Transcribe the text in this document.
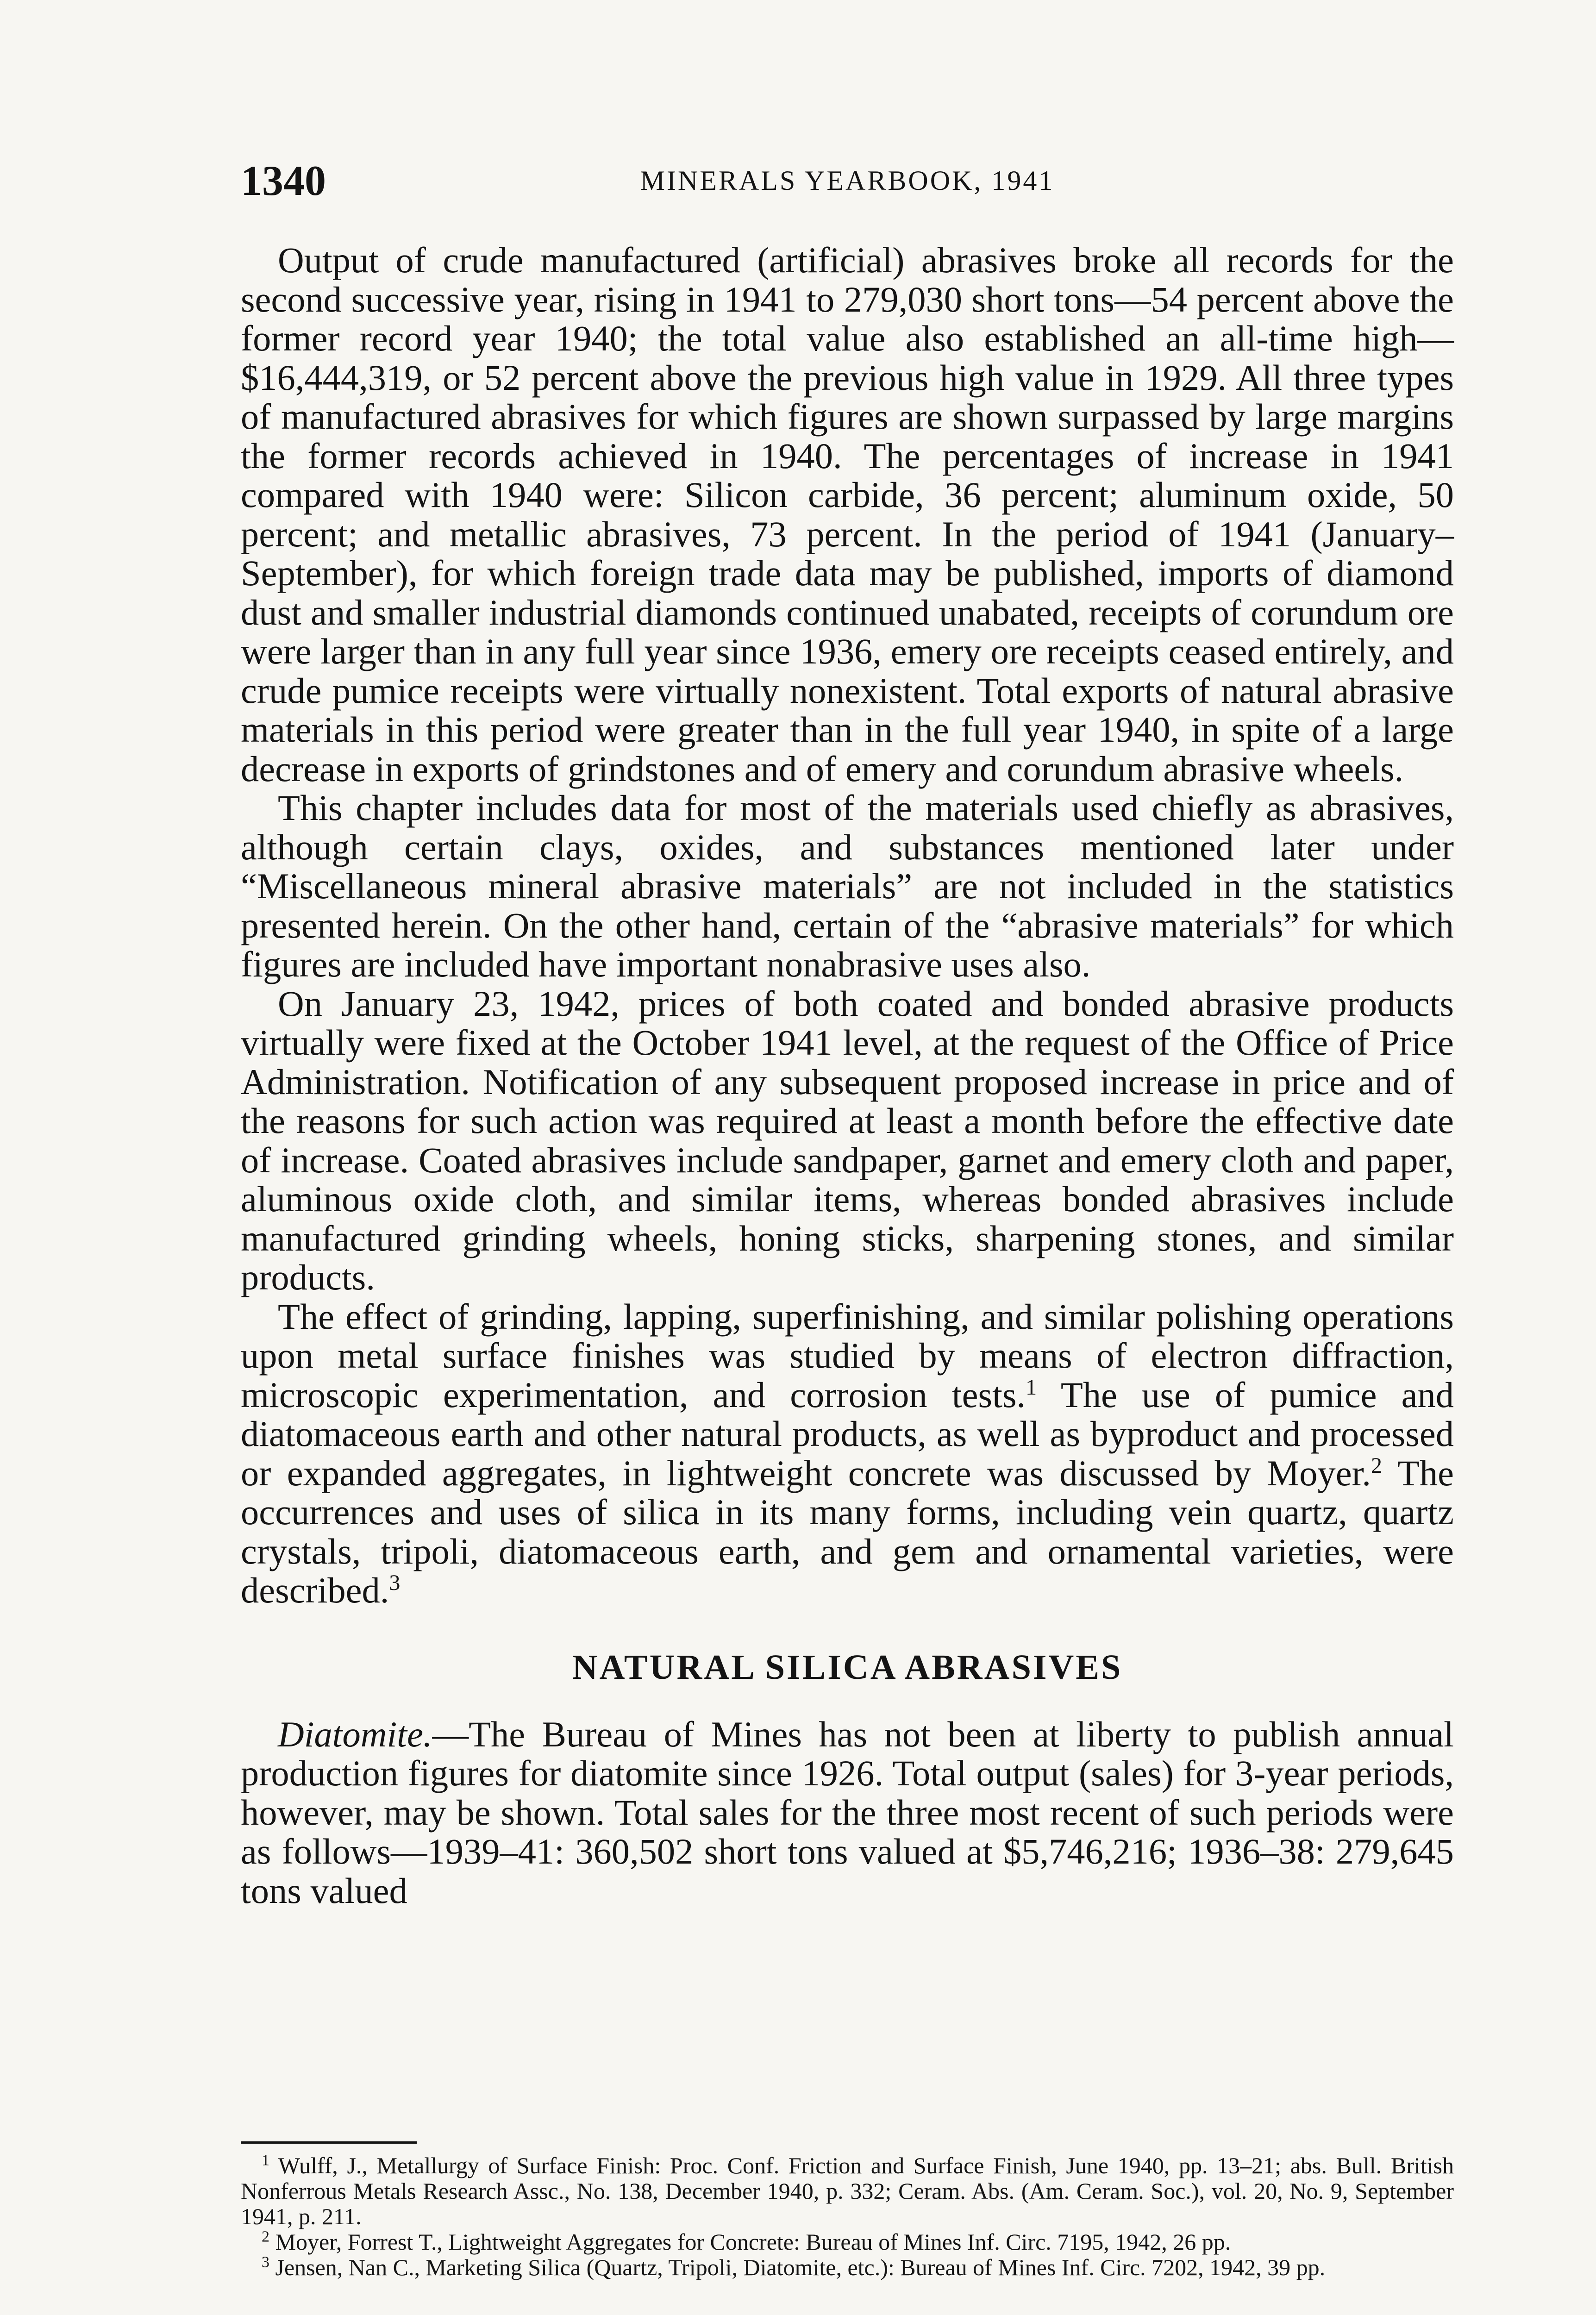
1340	MINERALS YEARBOOK, 1941

Output of crude manufactured (artificial) abrasives broke all records for the second successive year, rising in 1941 to 279,030 short tons—54 percent above the former record year 1940; the total value also established an all-time high—$16,444,319, or 52 percent above the previous high value in 1929. All three types of manufactured abrasives for which figures are shown surpassed by large margins the former records achieved in 1940. The percentages of increase in 1941 compared with 1940 were: Silicon carbide, 36 percent; aluminum oxide, 50 percent; and metallic abrasives, 73 percent. In the period of 1941 (January–September), for which foreign trade data may be published, imports of diamond dust and smaller industrial diamonds continued unabated, receipts of corundum ore were larger than in any full year since 1936, emery ore receipts ceased entirely, and crude pumice receipts were virtually nonexistent. Total exports of natural abrasive materials in this period were greater than in the full year 1940, in spite of a large decrease in exports of grindstones and of emery and corundum abrasive wheels.

This chapter includes data for most of the materials used chiefly as abrasives, although certain clays, oxides, and substances mentioned later under “Miscellaneous mineral abrasive materials” are not included in the statistics presented herein. On the other hand, certain of the “abrasive materials” for which figures are included have important nonabrasive uses also.

On January 23, 1942, prices of both coated and bonded abrasive products virtually were fixed at the October 1941 level, at the request of the Office of Price Administration. Notification of any subsequent proposed increase in price and of the reasons for such action was required at least a month before the effective date of increase. Coated abrasives include sandpaper, garnet and emery cloth and paper, aluminous oxide cloth, and similar items, whereas bonded abrasives include manufactured grinding wheels, honing sticks, sharpening stones, and similar products.

The effect of grinding, lapping, superfinishing, and similar polishing operations upon metal surface finishes was studied by means of electron diffraction, microscopic experimentation, and corrosion tests.$^1$ The use of pumice and diatomaceous earth and other natural products, as well as byproduct and processed or expanded aggregates, in lightweight concrete was discussed by Moyer.$^2$ The occurrences and uses of silica in its many forms, including vein quartz, quartz crystals, tripoli, diatomaceous earth, and gem and ornamental varieties, were described.$^3$

NATURAL SILICA ABRASIVES

Diatomite.—The Bureau of Mines has not been at liberty to publish annual production figures for diatomite since 1926. Total output (sales) for 3-year periods, however, may be shown. Total sales for the three most recent of such periods were as follows—1939–41: 360,502 short tons valued at $5,746,216; 1936–38: 279,645 tons valued

$^1$ Wulff, J., Metallurgy of Surface Finish: Proc. Conf. Friction and Surface Finish, June 1940, pp. 13–21; abs. Bull. British Nonferrous Metals Research Assc., No. 138, December 1940, p. 332; Ceram. Abs. (Am. Ceram. Soc.), vol. 20, No. 9, September 1941, p. 211.

$^2$ Moyer, Forrest T., Lightweight Aggregates for Concrete: Bureau of Mines Inf. Circ. 7195, 1942, 26 pp.

$^3$ Jensen, Nan C., Marketing Silica (Quartz, Tripoli, Diatomite, etc.): Bureau of Mines Inf. Circ. 7202, 1942, 39 pp.
